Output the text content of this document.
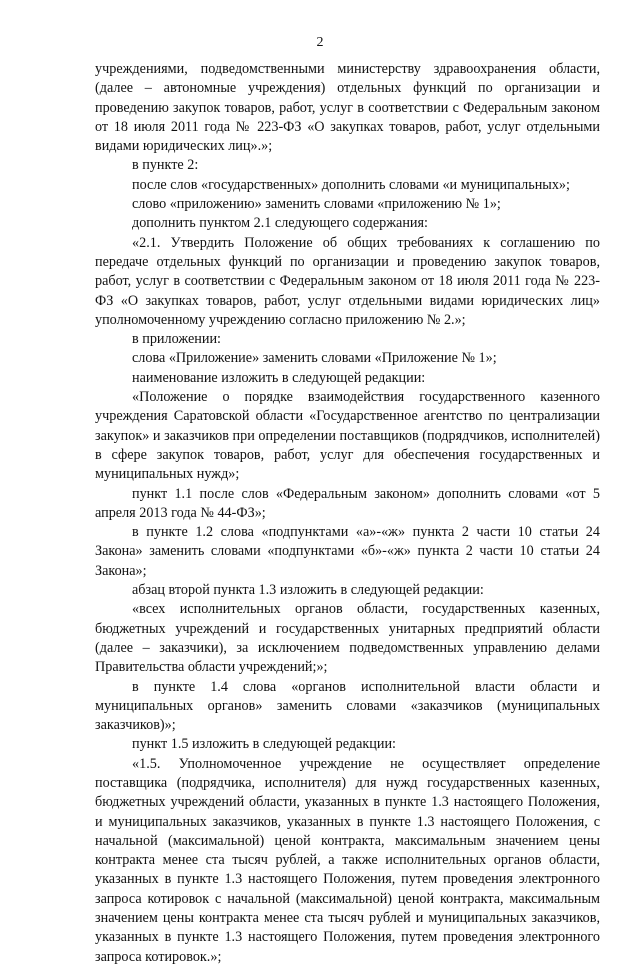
2

учреждениями, подведомственными министерству здравоохранения области, (далее – автономные учреждения) отдельных функций по организации и проведению закупок товаров, работ, услуг в соответствии с Федеральным законом от 18 июля 2011 года № 223-ФЗ «О закупках товаров, работ, услуг отдельными видами юридических лиц».»;

в пункте 2:

после слов «государственных» дополнить словами «и муниципальных»;

слово «приложению» заменить словами «приложению № 1»;

дополнить пунктом 2.1 следующего содержания:

«2.1. Утвердить Положение об общих требованиях к соглашению по передаче отдельных функций по организации и проведению закупок товаров, работ, услуг в соответствии с Федеральным законом от 18 июля 2011 года № 223-ФЗ «О закупках товаров, работ, услуг отдельными видами юридических лиц» уполномоченному учреждению согласно приложению № 2.»;

в приложении:

слова «Приложение» заменить словами «Приложение № 1»;

наименование изложить в следующей редакции:

«Положение о порядке взаимодействия государственного казенного учреждения Саратовской области «Государственное агентство по централизации закупок» и заказчиков при определении поставщиков (подрядчиков, исполнителей) в сфере закупок товаров, работ, услуг для обеспечения государственных и муниципальных нужд»;

пункт 1.1 после слов «Федеральным законом» дополнить словами «от 5 апреля 2013 года № 44-ФЗ»;

в пункте 1.2 слова «подпунктами «а»-«ж» пункта 2 части 10 статьи 24 Закона» заменить словами «подпунктами «б»-«ж» пункта 2 части 10 статьи 24 Закона»;

абзац второй пункта 1.3 изложить в следующей редакции:

«всех исполнительных органов области, государственных казенных, бюджетных учреждений и государственных унитарных предприятий области (далее – заказчики), за исключением подведомственных управлению делами Правительства области учреждений;»;

в пункте 1.4 слова «органов исполнительной власти области и муниципальных органов» заменить словами «заказчиков (муниципальных заказчиков)»;

пункт 1.5 изложить в следующей редакции:

«1.5. Уполномоченное учреждение не осуществляет определение поставщика (подрядчика, исполнителя) для нужд государственных казенных, бюджетных учреждений области, указанных в пункте 1.3 настоящего Положения, и муниципальных заказчиков, указанных в пункте 1.3 настоящего Положения, с начальной (максимальной) ценой контракта, максимальным значением цены контракта менее ста тысяч рублей, а также исполнительных органов области, указанных в пункте 1.3 настоящего Положения, путем проведения электронного запроса котировок с начальной (максимальной) ценой контракта, максимальным значением цены контракта менее ста тысяч рублей и муниципальных заказчиков, указанных в пункте 1.3 настоящего Положения, путем проведения электронного запроса котировок.»;
